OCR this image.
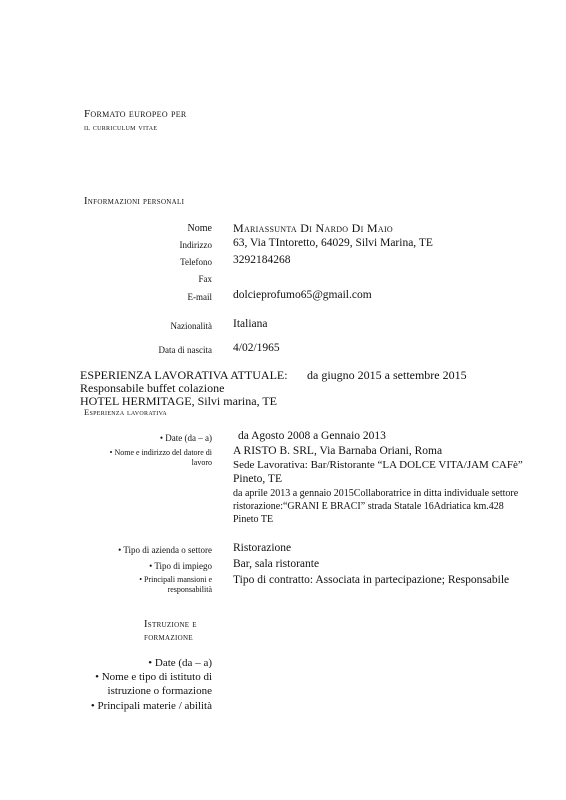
Formato europeo per
il curriculum vitae
Informazioni personali
Nome Mariassunta Di Nardo Di Maio
Indirizzo 63, Via TIntoretto, 64029, Silvi Marina, TE
Telefono 3292184268
Fax
E-mail dolcieprofumo65@gmail.com
Nazionalità Italiana
Data di nascita 4/02/1965
ESPERIENZA LAVORATIVA ATTUALE: da giugno 2015 a settembre 2015
Responsabile buffet colazione
HOTEL HERMITAGE, Silvi marina, TE
Esperienza lavorativa
• Date (da – a) da Agosto 2008 a Gennaio 2013
• Nome e indirizzo del datore di
lavoro
A RISTO B. SRL, Via Barnaba Oriani, Roma
Sede Lavorativa: Bar/Ristorante “LA DOLCE VITA/JAM CAFè”
Pineto, TE
da aprile 2013 a gennaio 2015Collaboratrice in ditta individuale settore
ristorazione:“GRANI E BRACI” strada Statale 16Adriatica km.428
Pineto TE
• Tipo di azienda o settore Ristorazione
• Tipo di impiego Bar, sala ristorante
• Principali mansioni e
responsabilità
Tipo di contratto: Associata in partecipazione; Responsabile
Istruzione e
formazione
• Date (da – a)
• Nome e tipo di istituto di
istruzione o formazione
• Principali materie / abilità
